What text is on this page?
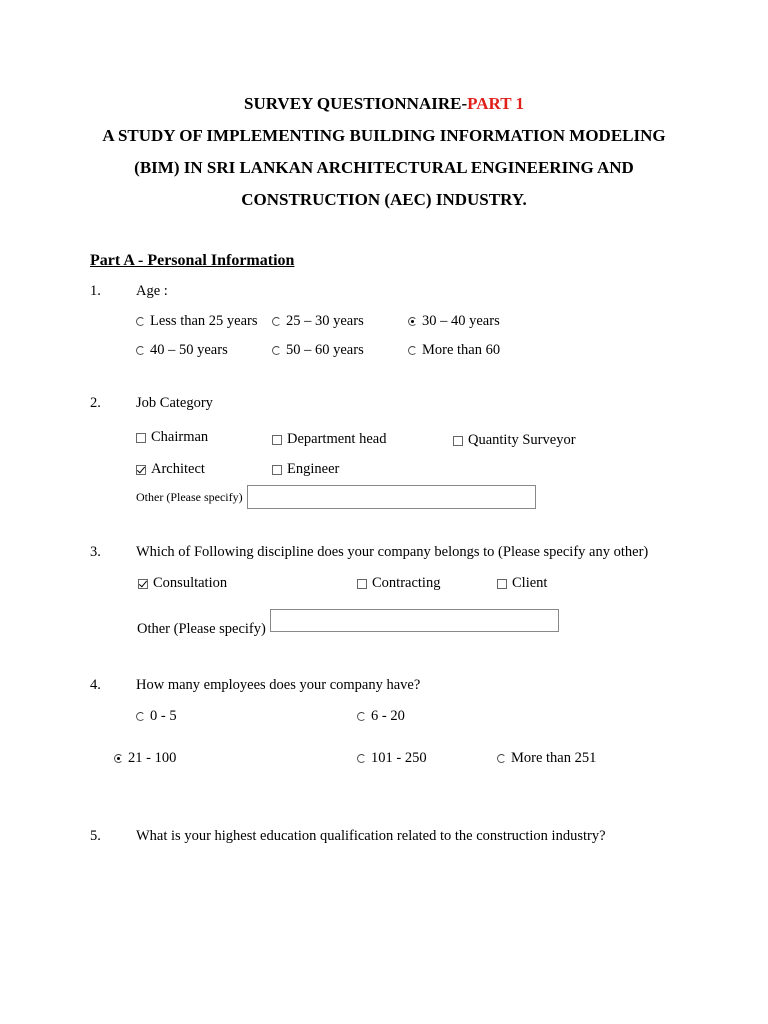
SURVEY QUESTIONNAIRE-PART 1
A STUDY OF IMPLEMENTING BUILDING INFORMATION MODELING
(BIM) IN SRI LANKAN ARCHITECTURAL ENGINEERING AND
CONSTRUCTION (AEC) INDUSTRY.
Part A - Personal Information
1. Age :
Less than 25 years 25 – 30 years	30 – 40 years
40 – 50 years	50 – 60 years	More than 60
2. Job Category
Chairman	Department head	Quantity Surveyor
Architect	Engineer
Other (Please specify)
3. Which of Following discipline does your company belongs to (Please specify any other)
Consultation	Contracting	Client
Other (Please specify)
4. How many employees does your company have?
0 - 5	6 - 20
21 - 100	101 - 250	More than 251
5. What is your highest education qualification related to the construction industry?
